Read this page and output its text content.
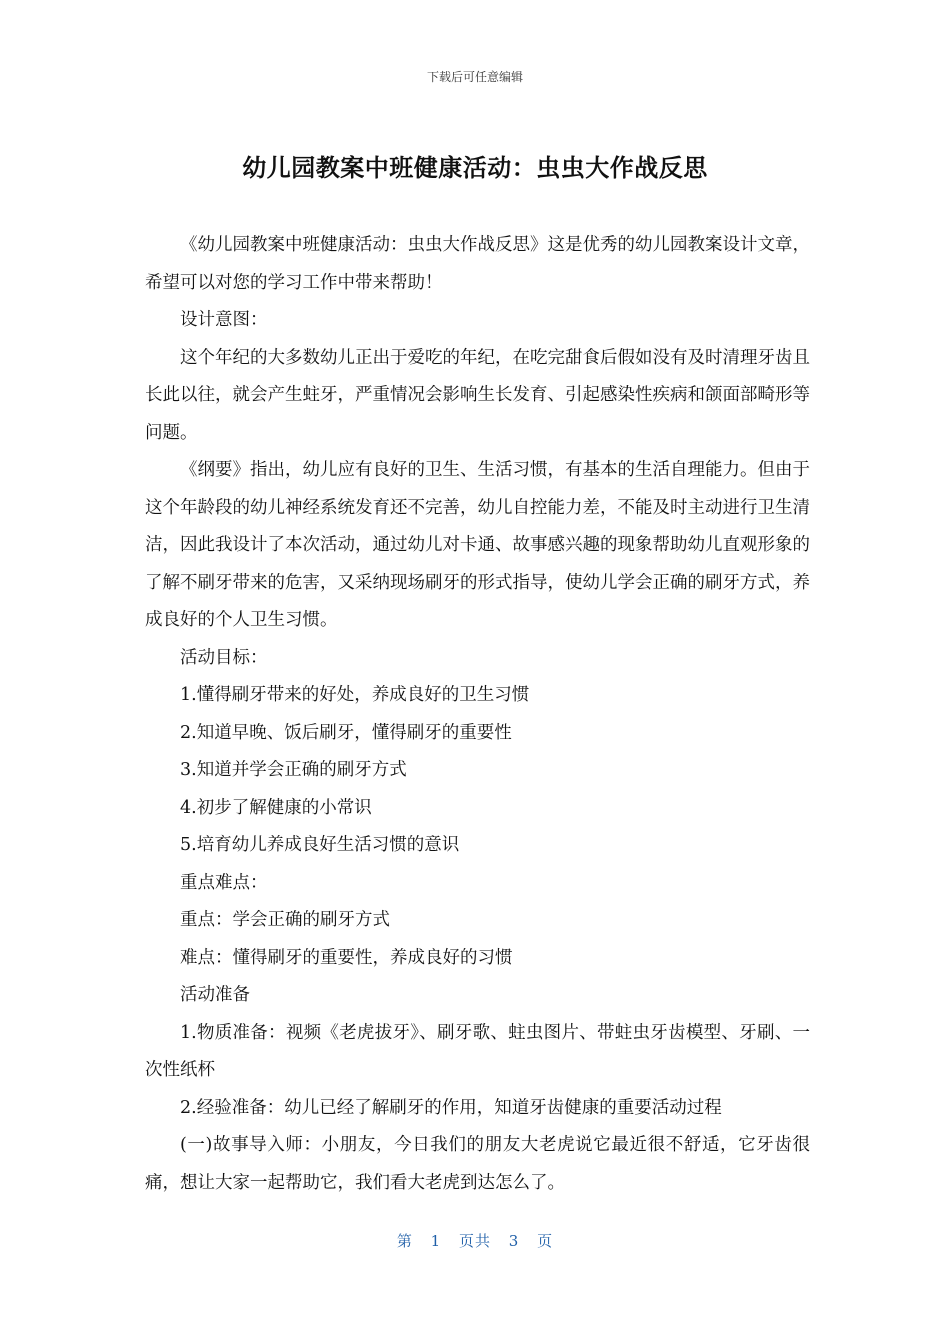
下载后可任意编辑
幼儿园教案中班健康活动：虫虫大作战反思

《幼儿园教案中班健康活动：虫虫大作战反思》这是优秀的幼儿园教案设计文章，希望可以对您的学习工作中带来帮助！

设计意图：

这个年纪的大多数幼儿正出于爱吃的年纪，在吃完甜食后假如没有及时清理牙齿且长此以往，就会产生蛀牙，严重情况会影响生长发育、引起感染性疾病和颌面部畸形等问题。

《纲要》指出，幼儿应有良好的卫生、生活习惯，有基本的生活自理能力。但由于这个年龄段的幼儿神经系统发育还不完善，幼儿自控能力差，不能及时主动进行卫生清洁，因此我设计了本次活动，通过幼儿对卡通、故事感兴趣的现象帮助幼儿直观形象的了解不刷牙带来的危害，又采纳现场刷牙的形式指导，使幼儿学会正确的刷牙方式，养成良好的个人卫生习惯。

活动目标：

1.懂得刷牙带来的好处，养成良好的卫生习惯

2.知道早晚、饭后刷牙，懂得刷牙的重要性

3.知道并学会正确的刷牙方式

4.初步了解健康的小常识

5.培育幼儿养成良好生活习惯的意识

重点难点：

重点：学会正确的刷牙方式

难点：懂得刷牙的重要性，养成良好的习惯

活动准备

1.物质准备：视频《老虎拔牙》、刷牙歌、蛀虫图片、带蛀虫牙齿模型、牙刷、一次性纸杯

2.经验准备：幼儿已经了解刷牙的作用，知道牙齿健康的重要活动过程

(一)故事导入师：小朋友，今日我们的朋友大老虎说它最近很不舒适，它牙齿很痛，想让大家一起帮助它，我们看大老虎到达怎么了。

第 1 页共 3 页
